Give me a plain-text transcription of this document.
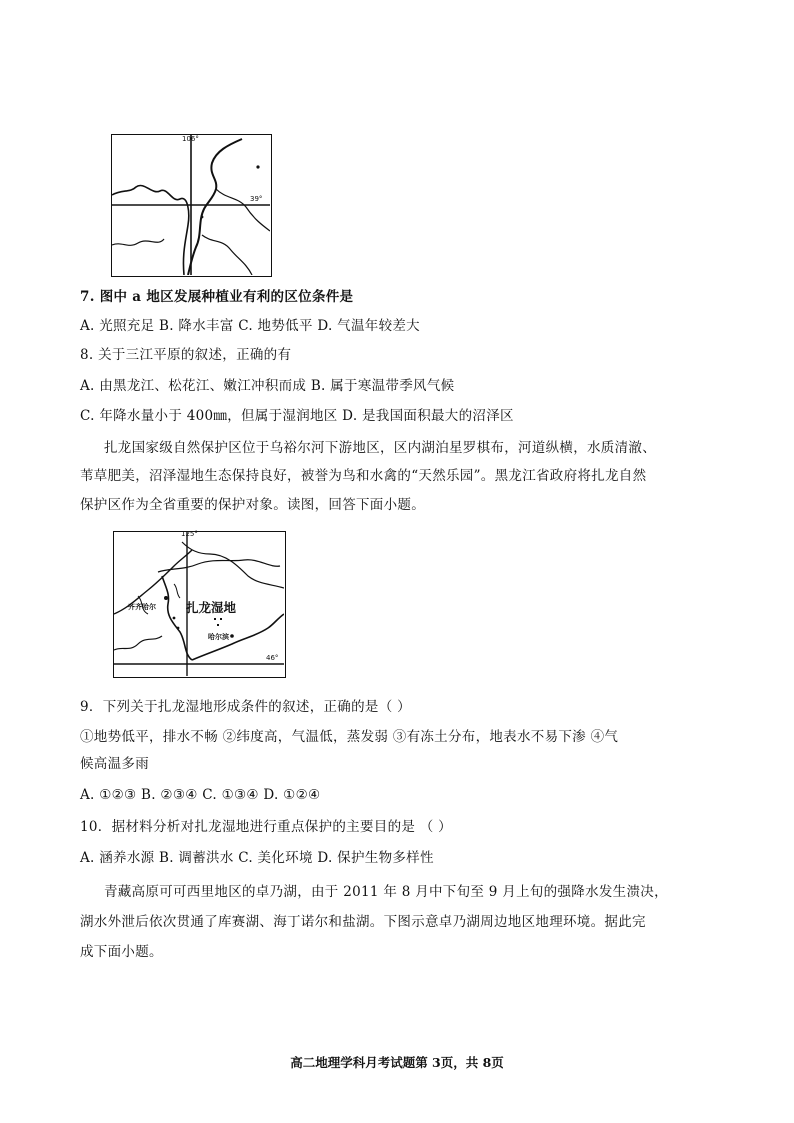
106°
39°
7. 图中 a 地区发展种植业有利的区位条件是
A. 光照充足 B. 降水丰富 C. 地势低平 D. 气温年较差大
8. 关于三江平原的叙述，正确的有
A. 由黑龙江、松花江、嫩江冲积而成 B. 属于寒温带季风气候
C. 年降水量小于 400㎜，但属于湿润地区 D. 是我国面积最大的沼泽区
扎龙国家级自然保护区位于乌裕尔河下游地区，区内湖泊星罗棋布，河道纵横，水质清澈、
苇草肥美，沼泽湿地生态保持良好，被誉为鸟和水禽的“天然乐园”。黑龙江省政府将扎龙自然
保护区作为全省重要的保护对象。读图，回答下面小题。
125°
46°
扎龙湿地
齐齐哈尔
哈尔滨
9．下列关于扎龙湿地形成条件的叙述，正确的是（ ）
①地势低平，排水不畅 ②纬度高，气温低，蒸发弱 ③有冻土分布，地表水不易下渗 ④气
候高温多雨
A. ①②③ B. ②③④ C. ①③④ D. ①②④
10．据材料分析对扎龙湿地进行重点保护的主要目的是 （ ）
A. 涵养水源 B. 调蓄洪水 C. 美化环境 D. 保护生物多样性
青藏高原可可西里地区的卓乃湖，由于 2011 年 8 月中下旬至 9 月上旬的强降水发生溃决，
湖水外泄后依次贯通了库赛湖、海丁诺尔和盐湖。下图示意卓乃湖周边地区地理环境。据此完
成下面小题。
高二地理学科月考试题第 3页，共 8页
